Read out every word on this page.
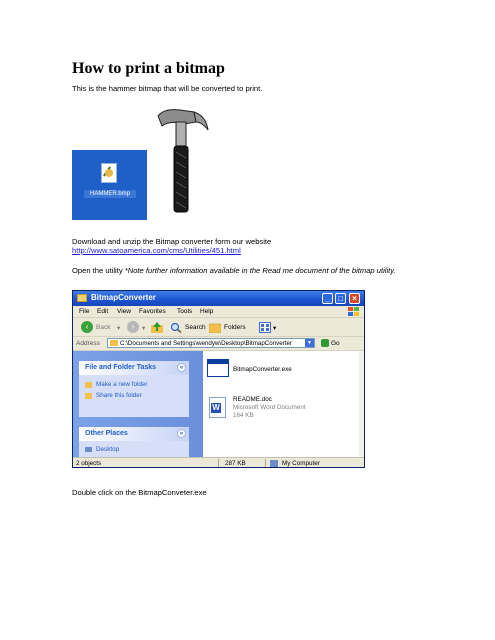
How to print a bitmap
This is the hammer bitmap that will be converted to print.
HAMMER.bmp
Download and unzip the Bitmap converter form our website
http://www.satoamerica.com/cms/Utilities/451.html
Open the utility *Note further information available in the Read me document of the bitmap utility.
BitmapConverter	_	□	×
File Edit View Favorites Tools Help
‹	Back ▾	›	▾	Search	Folders	▾
Address	C:\Documents and Settings\wendyw\Desktop\BitmapConverter	▼	Go
File and Folder Tasks	«
Make a new folder
Share this folder
Other Places	«
Desktop
BitmapConverter.exe
W
README.doc
Microsoft Word Document
164 KB
2 objects	287 KB	My Computer
Double click on the BitmapConveter.exe
